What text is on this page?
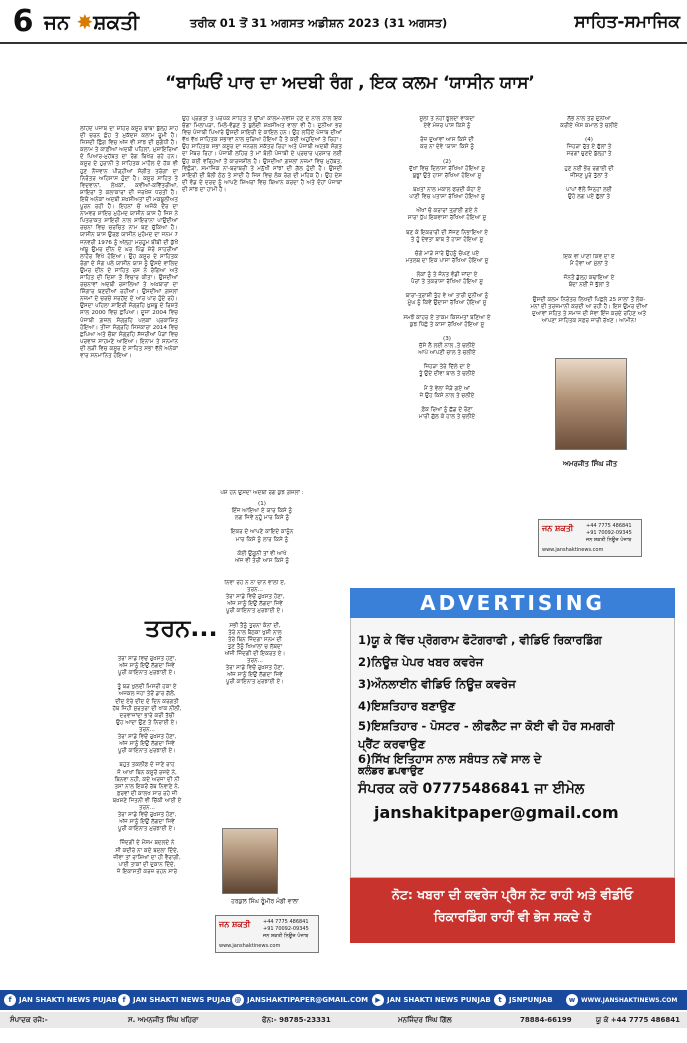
6 ਜਨ ✸ਸ਼ਕਤੀ	ਤਰੀਕ 01 ਤੋਂ 31 ਅਗਸਤ ਅਡੀਸ਼ਨ 2023 (31 ਅਗਸਤ)	ਸਾਹਿਤ-ਸਮਾਜਿਕ
“ਬਾਘਿਓਂ ਪਾਰ ਦਾ ਅਦਬੀ ਰੰਗ , ਇਕ ਕਲਮ ‘ਯਾਸੀਨ ਯਾਸ’
ਲਹਿੰਦੇ ਪੰਜਾਬ ਦਾ ਸ਼ਹਿਰ ਕਸੂਰ ਬਾਬਾ ਬੁੱਲ੍ਹੇ ਸ਼ਾਹ ਦੀ ਚਰਨ ਛੋਹ ਤੇ ਮੁਕੱਦਸ ਕਲਾਮ ਰੂਮੀ ਹੈ। ਜਿਸਦੀ ਛਿੰਗ ਵਿਚ ਅੱਜ ਵੀ ਸਾਂਝ ਦੀ ਸੁਗੰਧੀ ਹੈ। ਕਲਾਮ ਤੇ ਕਾਫ਼ੀਆਂ ਅਦਬੀ ਪਹਿਲਾਂ, ਮੁਸ਼ਾਇਰਿਆਂ ਦੇ ਪਿਆਰ-ਮੁਹੱਬਤ ਦਾ ਰੰਗ ਬਿਖੇਰ ਰਹੇ ਹਨ। ਕਸੂਰ ਦੇ ਹੁਰਾਨੀ ਤੇ ਸਾਹਿਤਕ ਮਾਹੌਲ ਦੇ ਹੱਕ ਵੀ ਹੁਣ ਨੌਜਵਾਨ ਪੀੜ੍ਹੀਆਂ ਸੰਗੀਤ ਤਰੰਗਾਂ ਦਾ ਨਿਰੰਤਰ ਅਹਿਸਾਸ ਹੁੰਦਾ ਹੈ। ਕਸੂਰ ਸਾਹਿਤ ਤੇ ਵਿਦਵਾਨਾਂ, ਲੇਖਕਾਂ, ਕਵੀਆਂ-ਕਵਿੱਤਰੀਆਂ, ਸ਼ਾਇਰਾਂ ਤੇ ਕਲਾਕਾਰਾਂ ਦੀ ਜਰਖੇਜ਼ ਧਰਤੀ ਹੈ। ਇਥੋਂ ਅਨੇਕਾਂ ਅਦਬੀ ਸ਼ਖ਼ਸੀਅਤਾਂ ਦੀ ਮਕਬੂਲੀਅਤ ਪੂਰਨ ਰਹੀ ਹੈ। ਇਹਨਾਂ ਚੋਂ ਅਜੋਕੇ ਦੌਰ ਦਾ ਨਾਮਵਰ ਸ਼ਾਇਰ ਮੁਹੰਮਦ ਯਾਸੀਨ ਯਾਸ ਹੈ ਜਿਸ ਨੇ ਪਿਤਰਾਕਤ ਸ਼ਾਇਰੀ ਨਾਲ ਸ਼ਾਇਰਾਨਾ ਪਾਉਂਦੀਆਂ ਰਚਨਾ ਵਿਚ ਚਰਚਿਤ ਨਾਮ ਬਣ ਚੁੱਕਿਆ ਹੈ। ਯਾਸੀਨ ਯਾਸ ਉਰਫ਼ ਯਾਸੀਨ ਮੁਹੰਮਦ ਦਾ ਜਨਮ 7 ਜਨਵਰੀ 1976 ਨੂੰ ਅੱਲ੍ਹਾ ਮਰਹੂਮ ਬੀਬੀ ਦੀ ਕੁੱਖੋਂ ਅੱਬੂ ਉਮਰ ਦੀਨ ਦੇ ਘਰ ਪਿੰਡ ਸ਼ੇਰੋ ਸਾਹਰੀਆਂ ਲਾਹੌਰ ਵਿਖੇ ਹੋਇਆ। ਉਹ ਕਸੂਰ ਦੇ ਸਾਹਿਤਕ ਰੰਗਾਂ ਦੇ ਸੰਗ ਪਲੇ ਯਾਸੀਨ ਯਾਸ ਨੂੰ ਉਸਦੇ ਵਾਲਿਦ ਉਮਰ ਦੀਨ ਦੇ ਸਾਹਿਤ ਰਸ ਨੇ ਰੰਗਿਆ ਅਤੇ ਸਾਹਿਤ ਦੀ ਦਿਸ਼ਾ ਤੋਂ ਵਿਚਾਰ ਕੀਤਾ। ਉਸਦੀਆਂ ਰਚਨਾਵਾਂ ਅਦਬੀ ਰਸਾਲਿਆਂ ਤੇ ਅਖ਼ਬਾਰਾਂ ਦਾ ਸ਼ਿੰਗਾਰ ਬਣਦੀਆਂ ਰਹੀਆਂ। ਉਸਦੀਆਂ ਗ਼ਜ਼ਲਾਂ ਨਜ਼ਮਾਂ ਦੇ ਚਰਚੇ ਸਰਹੱਦ ਦੇ ਆਰ ਪਾਰ ਹੁੰਦੇ ਰਹੇ। ਉਸਦਾ ਪਹਿਲਾ ਸ਼ਾਇਰੀ ਸੰਗ੍ਰਹਿ ਖ਼ੁਸ਼ਬੂ ਦੇ ਰਿਸ਼ਤੇ ਸਾਲ 2000 ਵਿਚ ਛਪਿਆ। ਦੂਜਾ 2004 ਵਿਚ ਪੰਜਾਬੀ ਗ਼ਜ਼ਲ ਸੰਗ੍ਰਹਿ ਪਲਕਾਂ ਪ੍ਰਕਾਸ਼ਿਤ ਹੋਇਆ। ਤੀਜਾ ਸੰਗ੍ਰਹਿ ਸਿਸਕਾਰਾ 2014 ਵਿਚ ਛਪਿਆ ਅਤੇ ਚੌਥਾ ਸੰਗ੍ਰਹਿ ਸੱਜਰੀਆਂ ਪੈੜਾਂ ਵਿਚ ਪਰਵਾਜ਼ ਸਾਹਮਣੇ ਆਇਆ। ਇਨਾਮ ਤੇ ਸਨਮਾਨ ਦੀ ਲੜੀ ਵਿਚ ਕਸੂਰ ਦੇ ਸਾਹਿਤ ਸਭਾ ਵੱਲੋਂ ਅਨੇਕਾਂ ਵਾਰ ਸਨਮਾਨਿਤ ਹੋਇਆ।
ਉਹ ਪ੍ਰਗਤੀ ਤੇ ਪਰਪੱਕ ਸਾਹਿਤ ਤੇ ਉੱਘਾ ਕਾਲਮ-ਨਵੀਸ ਹੋਣ ਦੇ ਨਾਲ ਨਾਲ ਇਕ ਚੰਗਾ ਮਿਲਾਪੜਾ, ਮਿਲੋ-ਵੰਡਣ ਤੇ ਬੁਲੰਦੀ ਸ਼ਖ਼ਸੀਅਤ ਵਾਲਾ ਵੀ ਹੈ। ਦੁਨੀਆ ਭਰ ਵਿਚ ਪੰਜਾਬੀ ਪਿਆਰੇ ਉਸਦੀ ਸ਼ਾਇਰੀ ਦੇ ਕਾਇਲ ਹਨ। ਉਹ ਲਹਿੰਦੇ ਪੰਜਾਬ ਦੀਆਂ ਵੱਖ ਵੱਖ ਸਾਹਿਤਕ ਸਭਾਵਾਂ ਨਾਲ ਜੁੜਿਆ ਹੋਇਆ ਹੈ ਤੇ ਕਈ ਅਹੁਦਿਆਂ ਤੇ ਰਿਹਾ। ਉਹ ਸਾਹਿਤਕ ਸਭਾ ਕਸੂਰ ਦਾ ਜਨਰਲ ਸਕੱਤਰ ਰਿਹਾ ਅਤੇ ਪੰਜਾਬੀ ਅਦਬੀ ਸੰਗਤ ਦਾ ਮੈਂਬਰ ਰਿਹਾ। ਪੰਜਾਬੀ ਲਹਿਰ ਤੇ ਮਾਂ ਬੋਲੀ ਪੰਜਾਬੀ ਦੇ ਪ੍ਰਚਾਰ ਪ੍ਰਸਾਰ ਲਈ ਉਹ ਕਈ ਵਰ੍ਹਿਆਂ ਤੋਂ ਕਾਰਜਸ਼ੀਲ ਹੈ। ਉਸਦੀਆਂ ਗ਼ਜ਼ਲਾਂ ਨਜ਼ਮਾਂ ਵਿਚ ਮੁਹੱਬਤ, ਵਿਛੋੜਾ, ਸਮਾਜਿਕ ਨਾ-ਬਰਾਬਰੀ ਤੇ ਮਨੁੱਖੀ ਸਾਂਝਾਂ ਦੀ ਗੱਲ ਹੁੰਦੀ ਹੈ। ਉਸਦੀ ਸ਼ਾਇਰੀ ਦੀ ਬੋਲੀ ਠੇਠ ਤੇ ਸਾਦੀ ਹੈ ਜਿਸ ਵਿਚ ਲੋਕ ਰੰਗ ਦੀ ਮਹਿਕ ਹੈ। ਉਹ ਦੇਸ਼ ਦੀ ਵੰਡ ਦੇ ਦਰਦ ਨੂੰ ਆਪਣੇ ਸ਼ਿਅਰਾਂ ਵਿਚ ਬਿਆਨ ਕਰਦਾ ਹੈ ਅਤੇ ਦੋਹਾਂ ਪੰਜਾਬਾਂ ਦੀ ਸਾਂਝ ਦਾ ਹਾਮੀ ਹੈ।
ਪੇਸ਼ ਹਨ ਉਸਦਾ ਅਦਬੀ ਰੰਗ ਕੁਝ ਗ਼ਜ਼ਲਾਂ :
(1)
ਇੰਜ ਆਇਆ ਏ ਯਾਰ ਕਿਸੇ ਨੂੰ
ਲਗ ਜਿਵੇਂ ਨ੍ਹੂੰ ਮਾਰ ਕਿਸੇ ਨੂੰ

ਇਕਰ ਦੇ ਆਪਣੇ ਕਾਇਦੇ ਕਾਨੂੰਨ
ਮਾਰ ਕਿਸੇ ਨੂੰ ਲਾਰ ਕਿਸੇ ਨੂੰ

ਕੋਈ ਉਗੂਨੀ ਤਾਂ ਵੀ ਆਖੇ
ਅੱਜ ਵੀ ਤੇਰੀ ਆਸ ਕਿਸੇ ਨੂੰ
ਸੂਲੀ ਤੇ ਨਹੀਂ ਝੂਲਦਾ ਵਾਕਦਾ
ਏਵੇਂ ਮੰਜ਼ਰ ਪਾਸ ਕਿਸੇ ਨੂੰ

ਰੋਜ਼ ਦੁਆਵਾਂ ਆਸ ਕਿਸੇ ਦੀ
ਕਰ ਨਾ ਦੇਵੇ 'ਯਾਸ' ਕਿਸੇ ਨੂੰ

(2)
ਦੁੱਖਾਂ ਵਿਚ ਦਿਲਾਸਾ ਰੱਖਿਆ ਹੋਇਆ ਸੂ
ਬੁਝੂਾਂ ਉਤੇ ਹਾਸਾ ਰੱਖਿਆ ਹੋਇਆ ਸੂ

ਬਖ਼ਤਾਂ ਨਾਲ ਮਕਾਲ ਫਰਦੀ ਕੋਹਾ ਏ
ਪਾਣੀ ਵਿਚ ਪਤਾਸਾ ਰੱਖਿਆ ਹੋਇਆ ਸੂ

ਔਖਾਂ ਚੋ ਕਰਾਰਾਂ ਤ੍ਰਾਂਈ ਗਏ ਨੇ
ਸਾਰਾ ਧੁੱਪ ਇਕਵਾਸਾ ਰੱਖਿਆ ਹੋਇਆ ਸੂ

ਬਣ ਕੇ ਇਕਰਾਰੀ ਦੀ ਸੱਜਣ ਨਿਭਾਇਆ ਏ
ਤੇ ਹੂੰ ਦੇਵਤਾ ਬਾਬ ਤੋਂ ਹਾਸਾ ਹੋਇਆ ਸੂ

ਚੰਗੇ ਮਾੜੇ ਸਾਰੇ ਉਹਨੂੰ ਚੰਘਣ ਪਏ
ਮਤਲਬ ਦਾ ਇਕ ਪਾਸਾ ਰੱਖਿਆ ਹੋਇਆ ਸੂ

ਲੋਕਾਂ ਨੂੰ ਤੇ ਜੰਨਤ ਵੰਡੀ ਜਾਂਦਾ ਏ
ਪੈਰਾਂ ਤੇ ਤਕਰਾਸਾ ਰੱਖਿਆ ਹੋਇਆ ਸੂ

ਬਾਰਾਂ-ਤ੍ਰਾਸ਼ੀ ਤੁੰਹ ਵੇ ਆ ਤਾਰੀ ਦੁਨੀਆ ਨੂੰ
ਮੂੰਘ ਨੂੰ ਕਿਵੇਂ ਉਦਾਸਾ ਰੱਖਿਆ ਹੋਇਆ ਸੂ

ਸਮਝੋਂ ਕਾਹਰ ਏ ਤਾਕਮ ਕਿਸਮਤਾਂ ਬਣਿਆ ਏ
ਕੁਝ ਪਿੱਛੇ ਤੇ ਕਾਸਾ ਰੱਖਿਆ ਹੋਇਆ ਸੂ

(3)
ਜੁੱਸੇ ਲੈ ਲਈ ਨਾਲ ,ਤੇ ਚਲੀਏ
ਆਪੇ ਆਪਣੀ ਚਾਲ ਤੇ ਚਲੀਏ

ਜਿਹੜਾ ਤੇਰੇ ਦਿੱਲੇ ਦਾ ਏ
ਤੂੰ ਉਦੇ ਦੀਵਾ ਬਾਲ ਤੇ ਚਲੀਏ

ਮੈਂ ਤੇ ਵੇਲਾ ਜੋੜੇ ਗਏ ਆਂ
ਜੇ ਉਹ ਕਿਸੇ ਨਾਲ ਤੇ ਚਲੀਏ

ਫ਼ੋਕ ਰਿਆਂ ਨੂੰ ਛੱਡ ਦੇ ਰੋਣਾ
ਮਾਰੀ ਗੁੱਲ ਕੇ ਹਾਲ ਤੇ ਚਲੀਏ
ਲੱਭੇ ਨਾਲ ਤੇਰੇ ਦੁਨੀਆ
ਕਰੀਏ ਐਸ ਕਮਾਲ ਤੇ ਚਲੀਏ

(4)
ਜਿਹੜਾ ਰੁੱਤ ਏ ਫੁੱਲਾਂ ਤੇ
ਸਰਗਾਂ ਚੁਣਦੇ ਬੁੱਲ੍ਹਾਂ ਤੇ

ਹੁਣ ਨਈਂ ਭੋਰ ਰਗਾਈ ਦੀ
ਜੀਂਸਣ ਪੂਰੇ ਤੁੱਲਾਂ ਤੇ

ਪਾਪਾਂ ਵੱਲੋਂ ਜਿਨ੍ਹਾਂ ਲਈ
ਉਹੋ ਲਗ ਪਏ ਫੁੱਲਾਂ ਤੇ
ਇਕ ਵੀ ਪਾਣੀ ਕਿਵ ਦਾ ਏ
ਮੈਂ ਹੋਵਾਂ ਆਂ ਮੁੱਲਾਂ ਤੇ

ਜੰਨਤੋਂ ਡੁੱਲ੍ਹ ਕਢਾਇਆ ਏ
ਬੰਦਾ ਨਈਂ ਜੇ ਭੁੱਲਾਂ ਤੇ

ਉਸਦੀ ਕਲਮ ਨਿਰੰਤਰ ਲਿਖਦੀ ਪਿਛਲੇ 25 ਸਾਲਾਂ ਤੋਂ ਲੋਕ-ਮਨਾਂ ਦੀ ਤਰਜ਼ਮਾਨੀ ਕਰਦੀ ਆ ਰਹੀ ਹੈ। ਇਸ ਉਮਰ ਦੀਆਂ ਦੁਆਵਾਂ ਸਹਿਤ ਤੇ ਸਮਾਜ ਦੀ ਸੇਵਾ ਇੰਜ ਕਰਦੇ ਰਹਿਣ ਅਤੇ ਆਪਣਾ ਸਾਹਿਤਕ ਸਫ਼ਰ ਜਾਰੀ ਰੱਖਣ। ਆਮੀਨ!
ਅਮਰਜੀਤ ਸਿੰਘ ਜੀਤ
ਜਨ ਸ਼ਕਤੀ	+44 7775 486841
+91 70092-09345
ਜਨ ਸ਼ਕਤੀ ਨਿਊਜ਼ ਪੰਜਾਬ
www.janshaktinews.com
ਤਰਨ...
ਤੇਰਾ ਸਾਡੇ ਵਿਚੋਂ ਰੁਖ਼ਸਤ ਹੋਣਾ,
ਅੱਜ ਸਾਨੂੰ ਇਉਂ ਲੱਗਦਾ ਜਿਵੇਂ
ਪੂਰੀ ਕਾਇਨਾਤ ਮੁਰਝਾਈ ਏ।

ਤੂੰ ਬੜ ਖੁਲਦੀ ਮਿਸਰੀ ਹਕਾ ਏ
ਅਜਕਲ ਜਹਾ ਤੇਰੋਂ ਡਾਰ ਗੱਲੋਂ,
ਦੀਦ ਏਰੇ ਦੀਦ ਦੇ ਦਿਨ ਕਰਗਤੀ
ਹੱਥ ਜਿਹੀ ਸੁਰਤਰਾ ਦੀ ਖਾਕ ਨੀਲੀ,
ਦਰਵਾਜ਼ਾਂਦਾ ਭਾਰੇ ਕਰੀ ਤੱਚੀ
ਉਹ ਆਦਾ ਉਣ ਤੇ ਨਿਰਾਈ ਏ।
ਤਰਨ...
ਤੇਰਾ ਸਾਡੇ ਵਿਚੋਂ ਰੁਖ਼ਸਤ ਹੋਣਾ,
ਅੱਜ ਸਾਨੂੰ ਇਉਂ ਲੱਗਦਾ ਜਿਵੇਂ
ਪੂਰੀ ਕਾਇਨਾਤ ਮੁਰਝਾਈ ਏ।

ਬਹੁਤ ਤਕਲੀਫ਼ ਦੇ ਜਾਣੇ ਰਾਹ
ਜੋ ਆਖਾਂ ਬਿਨ ਕਸੂਰੋਂ ਰਜਦੇ ਨੇ,
ਬਿਨਵਾ ਨਹੀ, ਕਦੇ ਅਰਜਾ ਦੀ ਨੀ
ਤਸਾਂ ਨਾਲ ਇਕਰੋਂ ਰੱਬ ਨਿਵਾਣੇ ਨੇ,
ਫ਼ਰਵਾਂ ਦੀ ਕਾਲਖ ਸਾਰ ਰਹੇ ਜੀ
ਬਖ਼ਸ਼ਣੇ ਜਿਤਨੀ ਵੀ ਚਿੱਕੀ ਆਈ ਏ
ਤਰਨ...
ਤੇਰਾ ਸਾਡੇ ਵਿਚੋਂ ਰੁਖ਼ਸਤ ਹੋਣਾ,
ਅੱਜ ਸਾਨੂੰ ਇਉਂ ਲੱਗਦਾ ਜਿਵੇਂ
ਪੂਰੀ ਕਾਇਨਾਤ ਮੁਰਝਾਈ ਏ।

ਜ਼ਿੰਦਗੀ ਦੇ ਮੌਸਮ ਬਦਲਦੇ ਨੇ
ਸੀ ਕਦੀਰੇ ਨਾ ਕਦੇ ਬਦਲਾ ਦਿੰਦੇ,
ਜੀਵਾ ਤਾਂ ਰਾਸ਼ਿਆਂ ਦਾ ਹੀ ਵੈਰਾਗੀ,
ਪਾਈ ਤਾਕਾਂ ਦੀ ਦੁਕਾਨ ਦਿੰਦੇ,
ਜੇ ਇਕਾਸਤੀ ਕਰਜ਼ ਰਹਨ ਸਾਰੇ
ਨਿਵਾ ਰਹੇ ਨੇ ਨਾ ਚਾਨੇ ਵਾਲੀ ਏ,
ਤਰਨ...
ਤੇਰਾ ਸਾਡੇ ਵਿਚੋਂ ਰੁਖ਼ਸਤ ਹੋਣਾ,
ਅੱਜ ਸਾਨੂੰ ਇਉਂ ਲੱਗਦਾ ਜਿਵੇਂ
ਪੂਰੀ ਕਾਇਨਾਤ ਮੁਰਝਾਈ ਏ।

ਸਭੀ ਤੈਨੂੰ ਤੁਰਨਾ ਕੰਨਾਂ ਦੀ,
ਤੇਰੇ ਨਾਲ ਬੈਠਕਾ ਖੁਸ਼ੀ ਨਾਲ
ਤੇਰੇ ਬਿਨ ਜਿੰਦਗਾ ਸਨਮ ਦੀ
ਤੁਣ ਤੈਨੂੰ ਖਿਆਲਾਂ ਚ ਲੱਬਦਾ
ਅੱਜੀ ਜਿੰਦਗੀ ਦੀ ਇਕਰਤ ਏ।
ਤਰਨ...
ਤੇਰਾ ਸਾਡੇ ਵਿਚੋਂ ਰੁਖ਼ਸਤ ਹੋਣਾ,
ਅੱਜ ਸਾਨੂੰ ਇਉਂ ਲੱਗਦਾ ਜਿਵੇਂ
ਪੂਰੀ ਕਾਇਨਾਤ ਮੁਰਝਾਈ ਏ।
ਹਰਕੁਲ ਸਿੰਘ ਰੂੰਮੀਰ ਮੰਡੀ ਵਾਲਾ
ਜਨ ਸ਼ਕਤੀ	+44 7775 486841
+91 70092-09345
ਜਨ ਸ਼ਕਤੀ ਨਿਊਜ਼ ਪੰਜਾਬ
www.janshaktinews.com
ADVERTISING
1)ਯੂ ਕੇ ਵਿੱਚ ਪ੍ਰੋਗਰਾਮ ਫੋਟੋਗਰਾਫੀ , ਵੀਡਿਓ ਰਿਕਾਰਡਿੰਗ
2)ਨਿਊਜ਼ ਪੇਪਰ ਖਬਰ ਕਵਰੇਜ
3)ਔਨਲਾਈਨ ਵੀਡਿਓ ਨਿਊਜ਼ ਕਵਰੇਜ
4)ਇਸ਼ਤਿਹਾਰ ਬਣਾਉਣ
5)ਇਸ਼ਤਿਹਾਰ - ਪੋਸਟਰ - ਲੀਫਲੈਟ ਜਾ ਕੋਈ ਵੀ ਹੋਰ ਸਮਗਰੀ
ਪ੍ਰੈਂਟ ਕਰਵਾਉਣ
6)ਸਿੱਖ ਇਤਿਹਾਸ ਨਾਲ ਸਬੰਧਤ ਨਵੇਂ ਸਾਲ ਦੇ
ਕਲੰਡਰ ਛਪਵਾਉਣ
ਸੰਪਰਕ ਕਰੋ 07775486841 ਜਾ ਈਮੇਲ
janshakitpaper@gmail.com
ਨੋਟ: ਖਬਰਾ ਦੀ ਕਵਰੇਜ ਪ੍ਰੈਸ ਨੋਟ ਰਾਹੀ ਅਤੇ ਵੀਡੀਓ
ਰਿਕਾਰਡਿੰਗ ਰਾਹੀਂ ਵੀ ਭੇਜ ਸਕਦੇ ਹੋ
f JAN SHAKTI NEWS PUJAB f JAN SHAKTI NEWS PUJAB @ JANSHAKTIPAPER@GMAIL.COM	▶ JAN SHAKTI NEWS PUNJAB	t JSNPUNJAB	w WWW.JANSHAKTINEWS.COM
ਸੰਪਾਦਕ ਰਜੋ:-	ਸ. ਅਮਨਜੀਤ ਸਿੰਘ ਖਹਿਰਾ	ਫੋਨ:- 98785-23331	ਮਨਜਿੰਦਰ ਸਿੰਘ ਗਿੱਲ	78884-66199	ਯੂ ਕੇ +44 7775 486841
